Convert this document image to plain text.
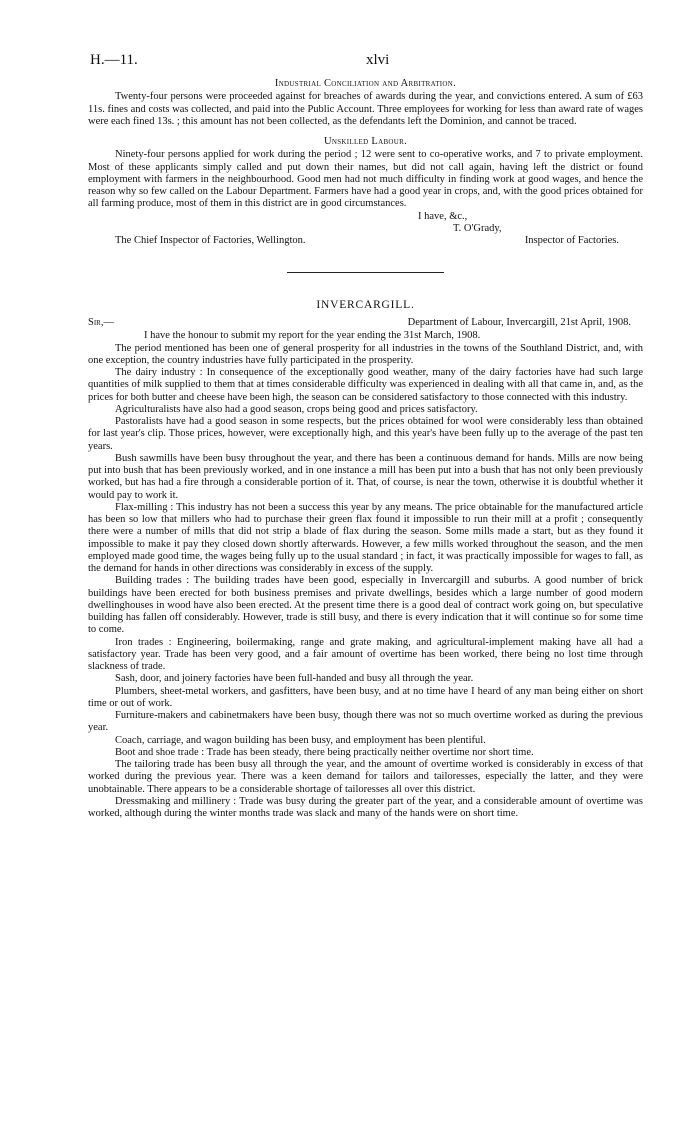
H.—11.	xlvi
Industrial Conciliation and Arbitration.

Twenty-four persons were proceeded against for breaches of awards during the year, and convictions entered. A sum of £63 11s. fines and costs was collected, and paid into the Public Account. Three employees for working for less than award rate of wages were each fined 13s. ; this amount has not been collected, as the defendants left the Dominion, and cannot be traced.

Unskilled Labour.

Ninety-four persons applied for work during the period ; 12 were sent to co-operative works, and 7 to private employment. Most of these applicants simply called and put down their names, but did not call again, having left the district or found employment with farmers in the neighbourhood. Good men had not much difficulty in finding work at good wages, and hence the reason why so few called on the Labour Department. Farmers have had a good year in crops, and, with the good prices obtained for all farming produce, most of them in this district are in good circumstances.

I have, &c.,

T. O'Grady,

The Chief Inspector of Factories, Wellington.	Inspector of Factories.
INVERCARGILL.
Sir,—	Department of Labour, Invercargill, 21st April, 1908.

I have the honour to submit my report for the year ending the 31st March, 1908.

The period mentioned has been one of general prosperity for all industries in the towns of the Southland District, and, with one exception, the country industries have fully participated in the prosperity.

The dairy industry : In consequence of the exceptionally good weather, many of the dairy factories have had such large quantities of milk supplied to them that at times considerable difficulty was experienced in dealing with all that came in, and, as the prices for both butter and cheese have been high, the season can be considered satisfactory to those connected with this industry.

Agriculturalists have also had a good season, crops being good and prices satisfactory.

Pastoralists have had a good season in some respects, but the prices obtained for wool were considerably less than obtained for last year's clip. Those prices, however, were exceptionally high, and this year's have been fully up to the average of the past ten years.

Bush sawmills have been busy throughout the year, and there has been a continuous demand for hands. Mills are now being put into bush that has been previously worked, and in one instance a mill has been put into a bush that has not only been previously worked, but has had a fire through a considerable portion of it. That, of course, is near the town, otherwise it is doubtful whether it would pay to work it.

Flax-milling : This industry has not been a success this year by any means. The price obtainable for the manufactured article has been so low that millers who had to purchase their green flax found it impossible to run their mill at a profit ; consequently there were a number of mills that did not strip a blade of flax during the season. Some mills made a start, but as they found it impossible to make it pay they closed down shortly afterwards. However, a few mills worked throughout the season, and the men employed made good time, the wages being fully up to the usual standard ; in fact, it was practically impossible for wages to fall, as the demand for hands in other directions was considerably in excess of the supply.

Building trades : The building trades have been good, especially in Invercargill and suburbs. A good number of brick buildings have been erected for both business premises and private dwellings, besides which a large number of good modern dwellinghouses in wood have also been erected. At the present time there is a good deal of contract work going on, but speculative building has fallen off considerably. However, trade is still busy, and there is every indication that it will continue so for some time to come.

Iron trades : Engineering, boilermaking, range and grate making, and agricultural-implement making have all had a satisfactory year. Trade has been very good, and a fair amount of overtime has been worked, there being no lost time through slackness of trade.

Sash, door, and joinery factories have been full-handed and busy all through the year.

Plumbers, sheet-metal workers, and gasfitters, have been busy, and at no time have I heard of any man being either on short time or out of work.

Furniture-makers and cabinetmakers have been busy, though there was not so much overtime worked as during the previous year.

Coach, carriage, and wagon building has been busy, and employment has been plentiful.

Boot and shoe trade : Trade has been steady, there being practically neither overtime nor short time.

The tailoring trade has been busy all through the year, and the amount of overtime worked is considerably in excess of that worked during the previous year. There was a keen demand for tailors and tailoresses, especially the latter, and they were unobtainable. There appears to be a considerable shortage of tailoresses all over this district.

Dressmaking and millinery : Trade was busy during the greater part of the year, and a considerable amount of overtime was worked, although during the winter months trade was slack and many of the hands were on short time.
